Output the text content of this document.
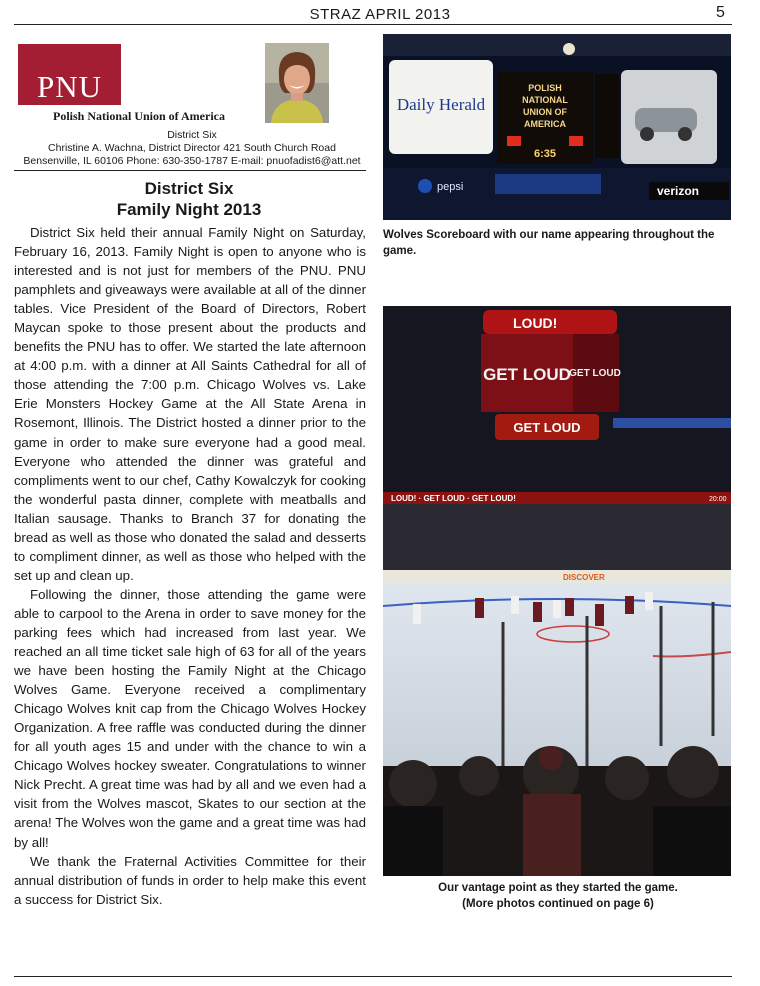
STRAZ APRIL 2013	5
PNU
Polish National Union of America
District Six
Christine A. Wachna, District Director 421 South Church Road
Bensenville, IL 60106 Phone: 630-350-1787 E-mail: pnuofadist6@att.net
District Six
Family Night 2013

District Six held their annual Family Night on Saturday, February 16, 2013. Family Night is open to anyone who is interested and is not just for members of the PNU. PNU pamphlets and giveaways were available at all of the dinner tables. Vice President of the Board of Directors, Robert Maycan spoke to those present about the products and benefits the PNU has to offer. We started the late afternoon at 4:00 p.m. with a dinner at All Saints Cathedral for all of those attending the 7:00 p.m. Chicago Wolves vs. Lake Erie Monsters Hockey Game at the All State Arena in Rosemont, Illinois. The District hosted a dinner prior to the game in order to make sure everyone had a good meal. Everyone who attended the dinner was grateful and compliments went to our chef, Cathy Kowalczyk for cooking the wonderful pasta dinner, complete with meatballs and Italian sausage. Thanks to Branch 37 for donating the bread as well as those who donated the salad and desserts to compliment dinner, as well as those who helped with the set up and clean up.

Following the dinner, those attending the game were able to carpool to the Arena in order to save money for the parking fees which had increased from last year. We reached an all time ticket sale high of 63 for all of the years we have been hosting the Family Night at the Chicago Wolves Game. Everyone received a complimentary Chicago Wolves knit cap from the Chicago Wolves Hockey Organization. A free raffle was conducted during the dinner for all youth ages 15 and under with the chance to win a Chicago Wolves hockey sweater. Congratulations to winner Nick Precht. A great time was had by all and we even had a visit from the Wolves mascot, Skates to our section at the arena! The Wolves won the game and a great time was had by all!

We thank the Fraternal Activities Committee for their annual distribution of funds in order to help make this event a success for District Six.

Daily Herald
POLISH
NATIONAL
UNION OF
AMERICA
6:35
pepsi	verizon
Wolves Scoreboard with our name appearing throughout the game.
LOUD!
GET LOUD
GET LOUD
GET LOUD
LOUD! · GET LOUD · GET LOUD!	20:00
DISCOVER
Our vantage point as they started the game.
(More photos continued on page 6)
